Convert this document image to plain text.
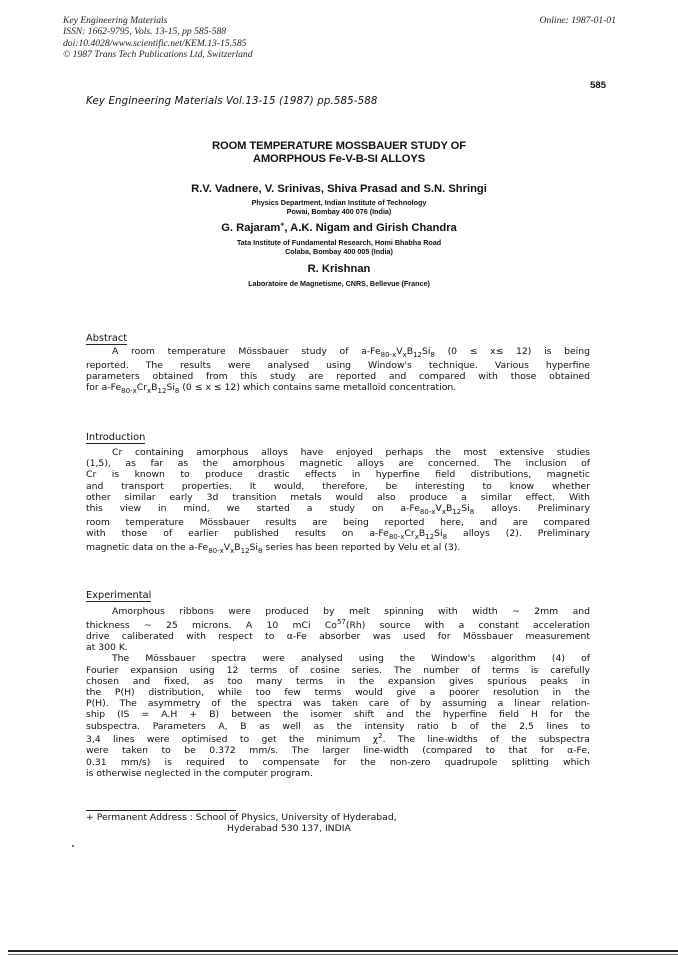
Key Engineering Materials
ISSN: 1662-9795, Vols. 13-15, pp 585-588
doi:10.4028/www.scientific.net/KEM.13-15.585
© 1987 Trans Tech Publications Ltd, Switzerland
Online: 1987-01-01
585
Key Engineering Materials Vol.13-15 (1987) pp.585-588
ROOM TEMPERATURE MOSSBAUER STUDY OF
AMORPHOUS Fe-V-B-SI ALLOYS
R.V. Vadnere, V. Srinivas, Shiva Prasad and S.N. Shringi
Physics Department, Indian Institute of Technology
Powai, Bombay 400 076 (India)
G. Rajaram+, A.K. Nigam and Girish Chandra
Tata Institute of Fundamental Research, Homi Bhabha Road
Colaba, Bombay 400 005 (India)
R. Krishnan
Laboratoire de Magnetisme, CNRS, Bellevue (France)
Abstract
A room temperature Mössbauer study of $a-Fe_{80-x}V_xB_{12}Si_8$ (0 ≤ x≤ 12) is being
reported. The results were analysed using Window's technique. Various hyperfine
parameters obtained from this study are reported and compared with those obtained
for $a-Fe_{80-x}Cr_xB_{12}Si_8$ (0 ≤ x ≤ 12) which contains same metalloid concentration.
Introduction
Cr containing amorphous alloys have enjoyed perhaps the most extensive studies
(1,5), as far as the amorphous magnetic alloys are concerned. The inclusion of
Cr is known to produce drastic effects in hyperfine field distributions, magnetic
and transport properties. It would, therefore, be interesting to know whether
other similar early 3d transition metals would also produce a similar effect. With
this view in mind, we started a study on $a-Fe_{80-x}V_xB_{12}Si_8$ alloys. Preliminary
room temperature Mössbauer results are being reported here, and are compared
with those of earlier published results on $a-Fe_{80-x}Cr_xB_{12}Si_8$ alloys (2). Preliminary
magnetic data on the $a-Fe_{80-x}V_xB_{12}Si_8$ series has been reported by Velu et al (3).
Experimental
Amorphous ribbons were produced by melt spinning with width ~ 2mm and
thickness ~ 25 microns. A 10 mCi Co$^{57}$(Rh) source with a constant acceleration
drive caliberated with respect to α-Fe absorber was used for Mössbauer measurement
at 300 K.
The Mössbauer spectra were analysed using the Window's algorithm (4) of
Fourier expansion using 12 terms of cosine series. The number of terms is carefully
chosen and fixed, as too many terms in the expansion gives spurious peaks in
the P(H) distribution, while too few terms would give a poorer resolution in the
P(H). The asymmetry of the spectra was taken care of by assuming a linear relation-
ship (IS = A.H + B) between the isomer shift and the hyperfine field H for the
subspectra. Parameters A, B as well as the intensity ratio b of the 2,5 lines to
3,4 lines were optimised to get the minimum $\chi^2$. The line-widths of the subspectra
were taken to be 0.372 mm/s. The larger line-width (compared to that for α-Fe,
0.31 mm/s) is required to compensate for the non-zero quadrupole splitting which
is otherwise neglected in the computer program.
+ Permanent Address : School of Physics, University of Hyderabad,
Hyderabad 530 137, INDIA
